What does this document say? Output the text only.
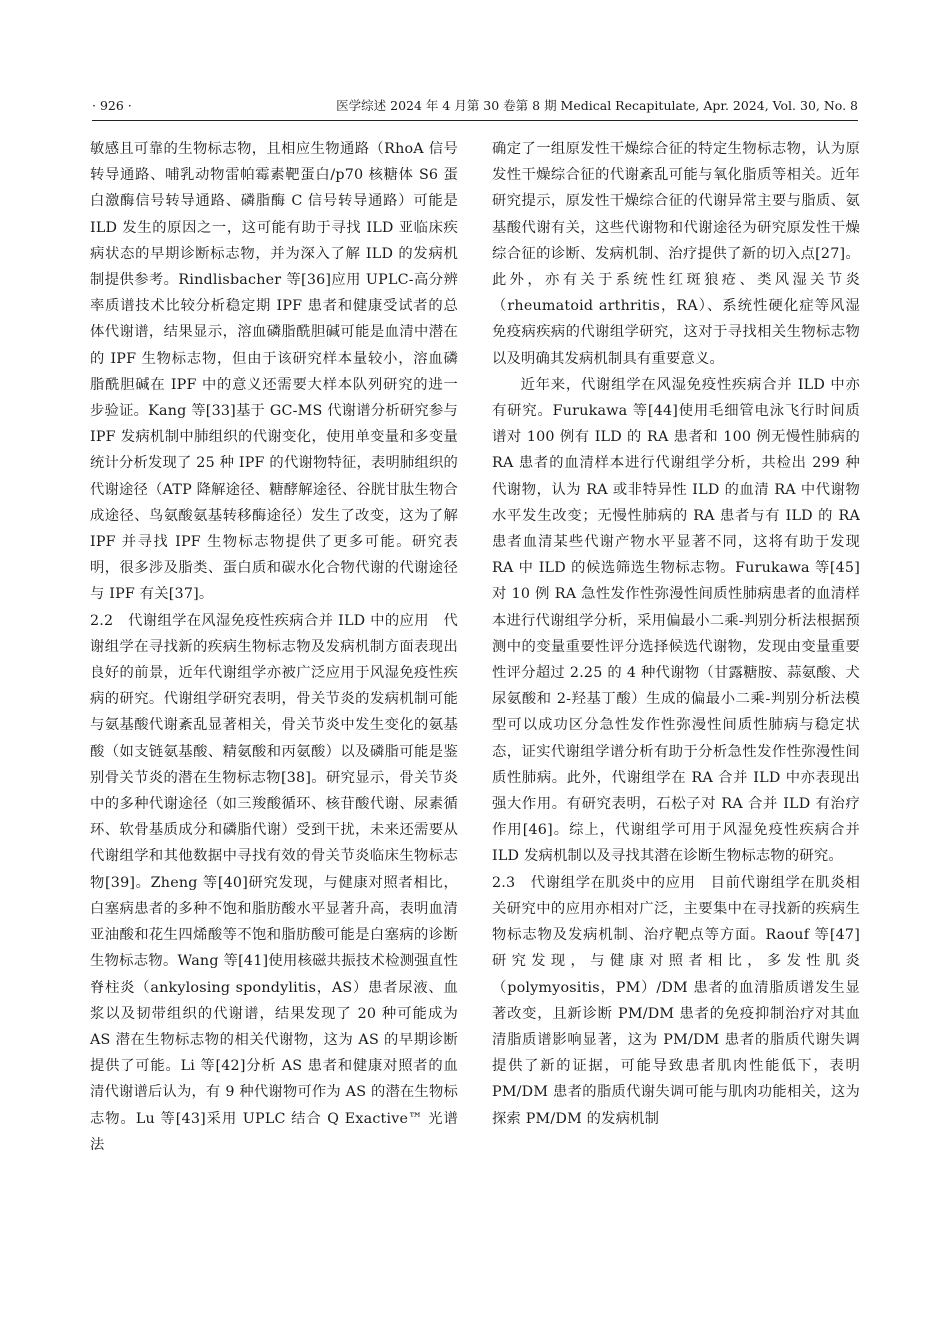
· 926 ·	医学综述 2024 年 4 月第 30 卷第 8 期 Medical Recapitulate, Apr. 2024, Vol. 30, No. 8

敏感且可靠的生物标志物，且相应生物通路（RhoA 信号转导通路、哺乳动物雷帕霉素靶蛋白/p70 核糖体 S6 蛋白激酶信号转导通路、磷脂酶 C 信号转导通路）可能是 ILD 发生的原因之一，这可能有助于寻找 ILD 亚临床疾病状态的早期诊断标志物，并为深入了解 ILD 的发病机制提供参考。Rindlisbacher 等[36]应用 UPLC-高分辨率质谱技术比较分析稳定期 IPF 患者和健康受试者的总体代谢谱，结果显示，溶血磷脂酰胆碱可能是血清中潜在的 IPF 生物标志物，但由于该研究样本量较小，溶血磷脂酰胆碱在 IPF 中的意义还需要大样本队列研究的进一步验证。Kang 等[33]基于 GC-MS 代谢谱分析研究参与 IPF 发病机制中肺组织的代谢变化，使用单变量和多变量统计分析发现了 25 种 IPF 的代谢物特征，表明肺组织的代谢途径（ATP 降解途径、糖酵解途径、谷胱甘肽生物合成途径、鸟氨酸氨基转移酶途径）发生了改变，这为了解 IPF 并寻找 IPF 生物标志物提供了更多可能。研究表明，很多涉及脂类、蛋白质和碳水化合物代谢的代谢途径与 IPF 有关[37]。

2.2　代谢组学在风湿免疫性疾病合并 ILD 中的应用　代谢组学在寻找新的疾病生物标志物及发病机制方面表现出良好的前景，近年代谢组学亦被广泛应用于风湿免疫性疾病的研究。代谢组学研究表明，骨关节炎的发病机制可能与氨基酸代谢紊乱显著相关，骨关节炎中发生变化的氨基酸（如支链氨基酸、精氨酸和丙氨酸）以及磷脂可能是鉴别骨关节炎的潜在生物标志物[38]。研究显示，骨关节炎中的多种代谢途径（如三羧酸循环、核苷酸代谢、尿素循环、软骨基质成分和磷脂代谢）受到干扰，未来还需要从代谢组学和其他数据中寻找有效的骨关节炎临床生物标志物[39]。Zheng 等[40]研究发现，与健康对照者相比，白塞病患者的多种不饱和脂肪酸水平显著升高，表明血清亚油酸和花生四烯酸等不饱和脂肪酸可能是白塞病的诊断生物标志物。Wang 等[41]使用核磁共振技术检测强直性脊柱炎（ankylosing spondylitis，AS）患者尿液、血浆以及韧带组织的代谢谱，结果发现了 20 种可能成为 AS 潜在生物标志物的相关代谢物，这为 AS 的早期诊断提供了可能。Li 等[42]分析 AS 患者和健康对照者的血清代谢谱后认为，有 9 种代谢物可作为 AS 的潜在生物标志物。Lu 等[43]采用 UPLC 结合 Q Exactive™ 光谱法

确定了一组原发性干燥综合征的特定生物标志物，认为原发性干燥综合征的代谢紊乱可能与氧化脂质等相关。近年研究提示，原发性干燥综合征的代谢异常主要与脂质、氨基酸代谢有关，这些代谢物和代谢途径为研究原发性干燥综合征的诊断、发病机制、治疗提供了新的切入点[27]。此外，亦有关于系统性红斑狼疮、类风湿关节炎（rheumatoid arthritis，RA）、系统性硬化症等风湿免疫病疾病的代谢组学研究，这对于寻找相关生物标志物以及明确其发病机制具有重要意义。

近年来，代谢组学在风湿免疫性疾病合并 ILD 中亦有研究。Furukawa 等[44]使用毛细管电泳飞行时间质谱对 100 例有 ILD 的 RA 患者和 100 例无慢性肺病的 RA 患者的血清样本进行代谢组学分析，共检出 299 种代谢物，认为 RA 或非特异性 ILD 的血清 RA 中代谢物水平发生改变；无慢性肺病的 RA 患者与有 ILD 的 RA 患者血清某些代谢产物水平显著不同，这将有助于发现 RA 中 ILD 的候选筛选生物标志物。Furukawa 等[45]对 10 例 RA 急性发作性弥漫性间质性肺病患者的血清样本进行代谢组学分析，采用偏最小二乘-判别分析法根据预测中的变量重要性评分选择候选代谢物，发现由变量重要性评分超过 2.25 的 4 种代谢物（甘露糖胺、蒜氨酸、犬尿氨酸和 2-羟基丁酸）生成的偏最小二乘-判别分析法模型可以成功区分急性发作性弥漫性间质性肺病与稳定状态，证实代谢组学谱分析有助于分析急性发作性弥漫性间质性肺病。此外，代谢组学在 RA 合并 ILD 中亦表现出强大作用。有研究表明，石松子对 RA 合并 ILD 有治疗作用[46]。综上，代谢组学可用于风湿免疫性疾病合并 ILD 发病机制以及寻找其潜在诊断生物标志物的研究。

2.3　代谢组学在肌炎中的应用　目前代谢组学在肌炎相关研究中的应用亦相对广泛，主要集中在寻找新的疾病生物标志物及发病机制、治疗靶点等方面。Raouf 等[47]研究发现，与健康对照者相比，多发性肌炎（polymyositis，PM）/DM 患者的血清脂质谱发生显著改变，且新诊断 PM/DM 患者的免疫抑制治疗对其血清脂质谱影响显著，这为 PM/DM 患者的脂质代谢失调提供了新的证据，可能导致患者肌肉性能低下，表明 PM/DM 患者的脂质代谢失调可能与肌肉功能相关，这为探索 PM/DM 的发病机制
